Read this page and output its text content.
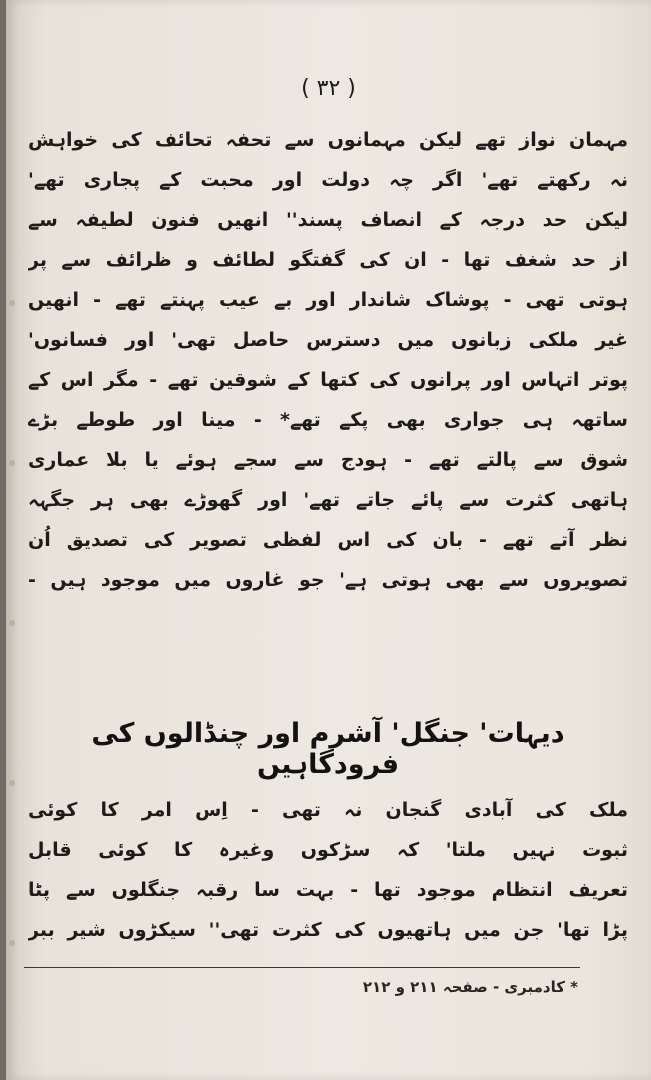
( ۳۲ )
مہمان نواز تھے لیکن مہمانوں سے تحفہ تحائف کی خواہش
نہ رکھتے تھے' اگر چہ دولت اور محبت کے پجاری تھے'
لیکن حد درجہ کے انصاف پسند'' انھیں فنون لطیفہ سے
از حد شغف تھا - ان کی گفتگو لطائف و ظرائف سے پر
ہوتی تھی - پوشاک شاندار اور بے عیب پہنتے تھے - انھیں
غیر ملکی زبانوں میں دسترس حاصل تھی' اور فسانوں'
پوتر اتہاس اور پرانوں کی کتھا کے شوقین تھے - مگر اس کے
ساتھہ ہی جواری بھی پکے تھے* - مینا اور طوطے بڑے
شوق سے پالتے تھے - ہودج سے سجے ہوئے یا بلا عماری
ہاتھی کثرت سے پائے جاتے تھے' اور گھوڑے بھی ہر جگہہ
نظر آتے تھے - بان کی اس لفظی تصویر کی تصدیق اُن
تصویروں سے بھی ہوتی ہے' جو غاروں میں موجود ہیں -
دیہات' جنگل' آشرم اور چنڈالوں کی فرودگاہیں
ملک کی آبادی گنجان نہ تھی - اِس امر کا کوئی
ثبوت نہیں ملتا' کہ سڑکوں وغیرہ کا کوئی قابل
تعریف انتظام موجود تھا - بہت سا رقبہ جنگلوں سے پٹا
پڑا تھا' جن میں ہاتھیوں کی کثرت تھی'' سیکڑوں شیر ببر

* کادمبری - صفحہ ۲۱۱ و ۲۱۲
